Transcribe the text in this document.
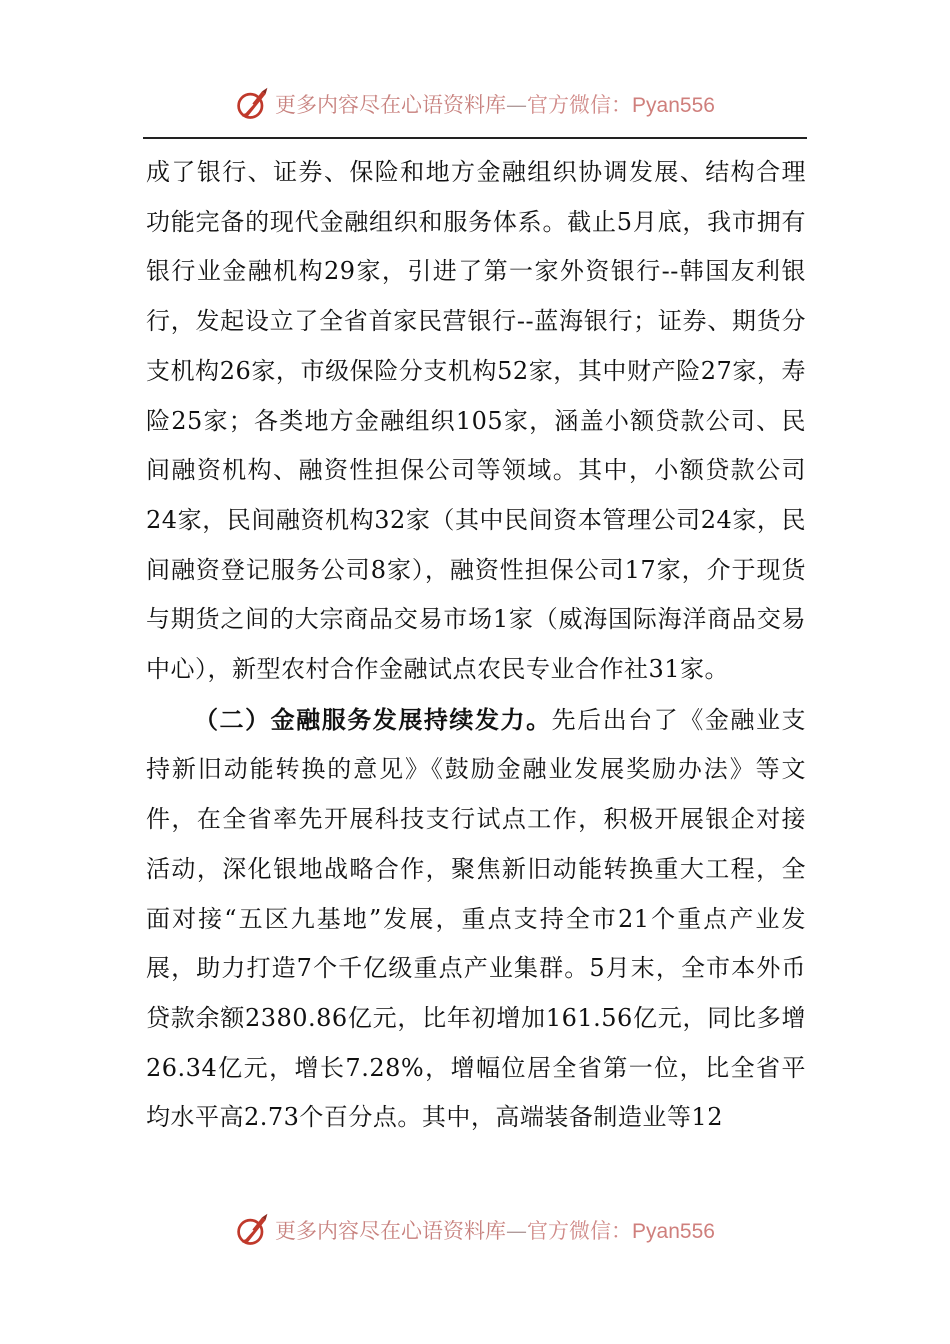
更多内容尽在心语资料库—官方微信：Pyan556

成了银行、证券、保险和地方金融组织协调发展、结构合理功能完备的现代金融组织和服务体系。截止5月底，我市拥有银行业金融机构29家，引进了第一家外资银行--韩国友利银行，发起设立了全省首家民营银行--蓝海银行；证券、期货分支机构26家，市级保险分支机构52家，其中财产险27家，寿险25家；各类地方金融组织105家，涵盖小额贷款公司、民间融资机构、融资性担保公司等领域。其中，小额贷款公司24家，民间融资机构32家（其中民间资本管理公司24家，民间融资登记服务公司8家），融资性担保公司17家，介于现货与期货之间的大宗商品交易市场1家（威海国际海洋商品交易中心），新型农村合作金融试点农民专业合作社31家。

（二）金融服务发展持续发力。先后出台了《金融业支持新旧动能转换的意见》《鼓励金融业发展奖励办法》等文件，在全省率先开展科技支行试点工作，积极开展银企对接活动，深化银地战略合作，聚焦新旧动能转换重大工程，全面对接“五区九基地”发展，重点支持全市21个重点产业发展，助力打造7个千亿级重点产业集群。5月末，全市本外币贷款余额2380.86亿元，比年初增加161.56亿元，同比多增26.34亿元，增长7.28%，增幅位居全省第一位，比全省平均水平高2.73个百分点。其中，高端装备制造业等12

更多内容尽在心语资料库—官方微信：Pyan556
